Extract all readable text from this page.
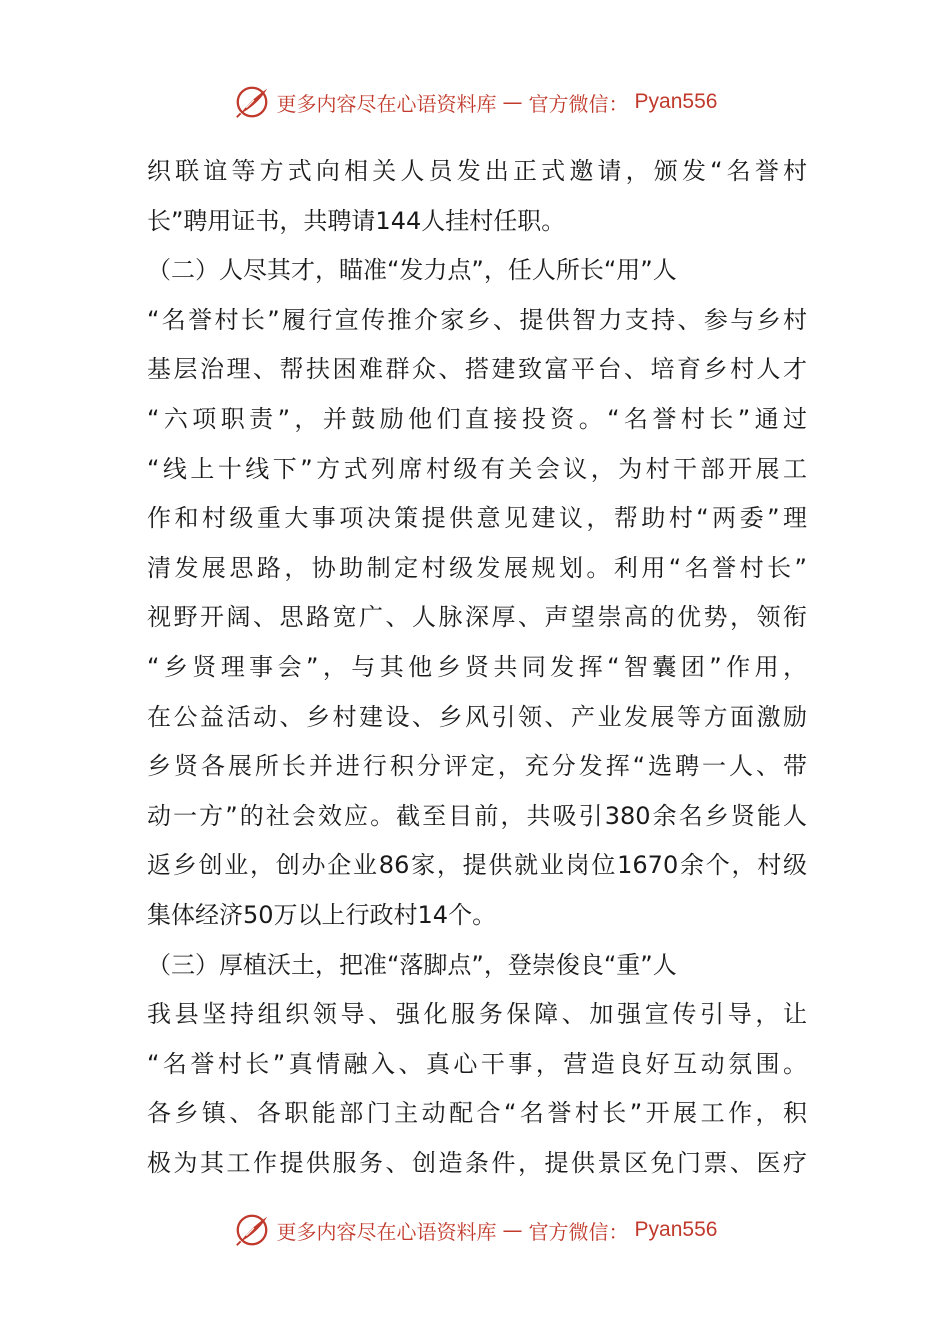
更多内容尽在心语资料库 — 官方微信： Pyan556
织联谊等方式向相关人员发出正式邀请，颁发“名誉村
长”聘用证书，共聘请144人挂村任职。
（二）人尽其才，瞄准“发力点”，任人所长“用”人
“名誉村长”履行宣传推介家乡、提供智力支持、参与乡村
基层治理、帮扶困难群众、搭建致富平台、培育乡村人才
“六项职责”，并鼓励他们直接投资。“名誉村长”通过
“线上十线下”方式列席村级有关会议，为村干部开展工
作和村级重大事项决策提供意见建议，帮助村“两委”理
清发展思路，协助制定村级发展规划。利用“名誉村长”
视野开阔、思路宽广、人脉深厚、声望崇高的优势，领衔
“乡贤理事会”，与其他乡贤共同发挥“智囊团”作用，
在公益活动、乡村建设、乡风引领、产业发展等方面激励
乡贤各展所长并进行积分评定，充分发挥“选聘一人、带
动一方”的社会效应。截至目前，共吸引380余名乡贤能人
返乡创业，创办企业86家，提供就业岗位1670余个，村级
集体经济50万以上行政村14个。
（三）厚植沃土，把准“落脚点”，登崇俊良“重”人
我县坚持组织领导、强化服务保障、加强宣传引导，让
“名誉村长”真情融入、真心干事，营造良好互动氛围。
各乡镇、各职能部门主动配合“名誉村长”开展工作，积
极为其工作提供服务、创造条件，提供景区免门票、医疗
更多内容尽在心语资料库 — 官方微信： Pyan556
